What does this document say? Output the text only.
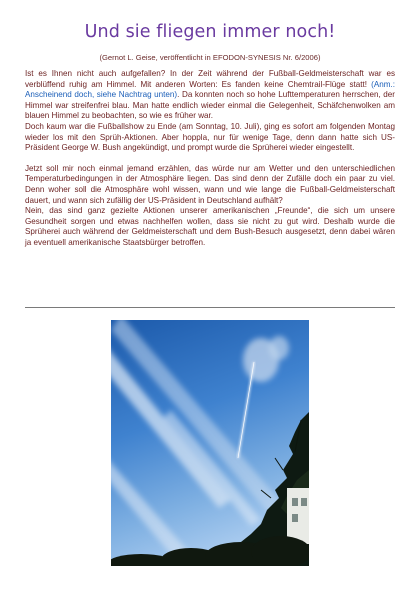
Und sie fliegen immer noch!
(Gernot L. Geise, veröffentlicht in EFODON-SYNESIS Nr. 6/2006)

Ist es Ihnen nicht auch aufgefallen? In der Zeit während der Fußball-Geldmeisterschaft war es verblüffend ruhig am Himmel. Mit anderen Worten: Es fanden keine Chemtrail-Flüge statt! (Anm.: Anscheinend doch, siehe Nachtrag unten). Da konnten noch so hohe Lufttemperaturen herrschen, der Himmel war streifenfrei blau. Man hatte endlich wieder einmal die Gelegenheit, Schäfchenwolken am blauen Himmel zu beobachten, so wie es früher war.

Doch kaum war die Fußballshow zu Ende (am Sonntag, 10. Juli), ging es sofort am folgenden Montag wieder los mit den Sprüh-Aktionen. Aber hoppla, nur für wenige Tage, denn dann hatte sich US-Präsident George W. Bush angekündigt, und prompt wurde die Sprüherei wieder eingestellt.

Jetzt soll mir noch einmal jemand erzählen, das würde nur am Wetter und den unterschiedlichen Temperaturbedingungen in der Atmosphäre liegen. Das sind denn der Zufälle doch ein paar zu viel. Denn woher soll die Atmosphäre wohl wissen, wann und wie lange die Fußball-Geldmeisterschaft dauert, und wann sich zufällig der US-Präsident in Deutschland aufhält?

Nein, das sind ganz gezielte Aktionen unserer amerikanischen „Freunde“, die sich um unsere Gesundheit sorgen und etwas nachhelfen wollen, dass sie nicht zu gut wird. Deshalb wurde die Sprüherei auch während der Geldmeisterschaft und dem Bush-Besuch ausgesetzt, denn dabei wären ja eventuell amerikanische Staatsbürger betroffen.
